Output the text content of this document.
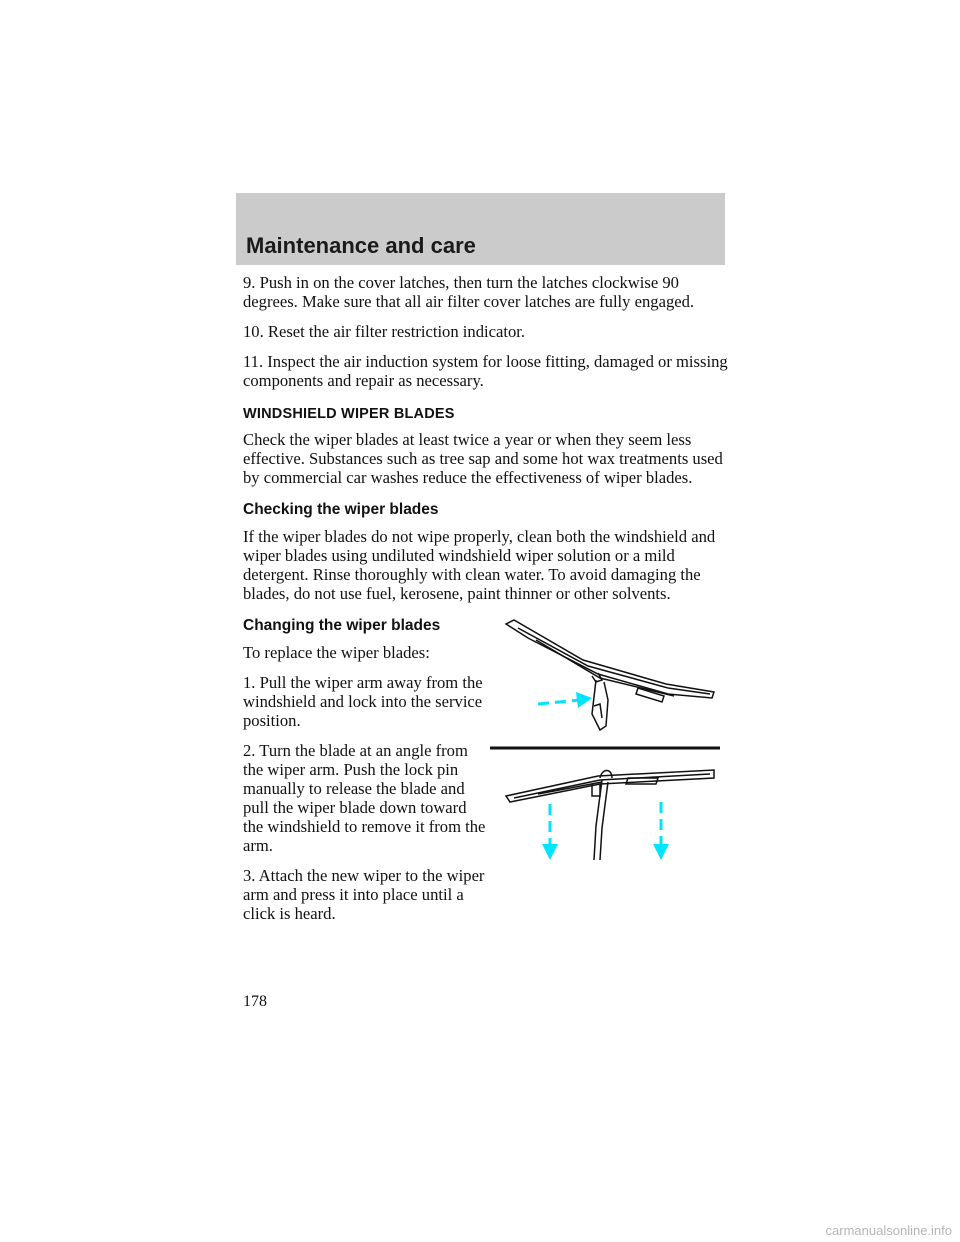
Maintenance and care

9. Push in on the cover latches, then turn the latches clockwise 90 degrees. Make sure that all air filter cover latches are fully engaged.

10. Reset the air filter restriction indicator.

11. Inspect the air induction system for loose fitting, damaged or missing components and repair as necessary.

WINDSHIELD WIPER BLADES

Check the wiper blades at least twice a year or when they seem less effective. Substances such as tree sap and some hot wax treatments used by commercial car washes reduce the effectiveness of wiper blades.

Checking the wiper blades

If the wiper blades do not wipe properly, clean both the windshield and wiper blades using undiluted windshield wiper solution or a mild detergent. Rinse thoroughly with clean water. To avoid damaging the blades, do not use fuel, kerosene, paint thinner or other solvents.

Changing the wiper blades

To replace the wiper blades:

1. Pull the wiper arm away from the windshield and lock into the service position.

2. Turn the blade at an angle from the wiper arm. Push the lock pin manually to release the blade and pull the wiper blade down toward the windshield to remove it from the arm.

3. Attach the new wiper to the wiper arm and press it into place until a click is heard.

178
carmanualsonline.info
